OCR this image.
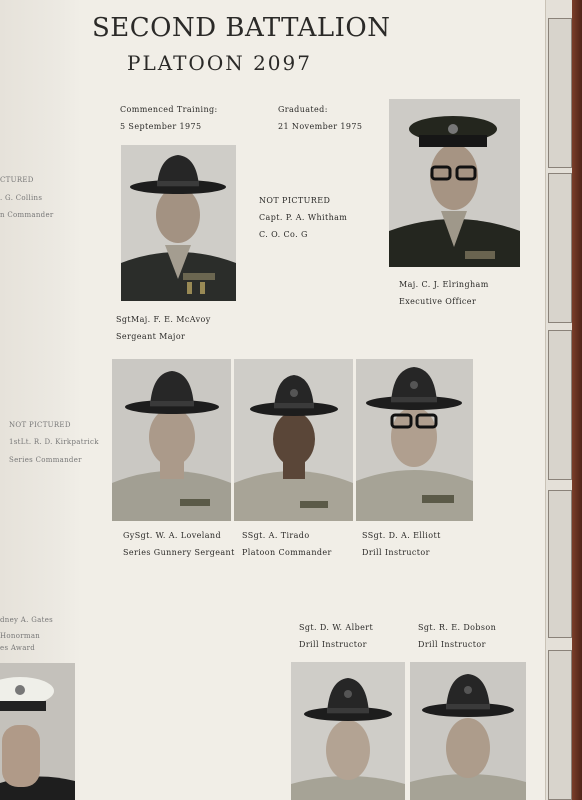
CTURED
. G. Collins
n Commander
NOT PICTURED
1stLt. R. D. Kirkpatrick
Series Commander
dney A. Gates
Honorman
es Award
SECOND BATTALION
PLATOON 2097
Commenced Training:
5 September 1975
Graduated:
21 November 1975
NOT PICTURED
Capt. P. A. Whitham
C. O. Co. G
SgtMaj. F. E. McAvoy
Sergeant Major
Maj. C. J. Elringham
Executive Officer
GySgt. W. A. Loveland
Series Gunnery Sergeant
SSgt. A. Tirado
Platoon Commander
SSgt. D. A. Elliott
Drill Instructor
Sgt. D. W. Albert
Drill Instructor
Sgt. R. E. Dobson
Drill Instructor
